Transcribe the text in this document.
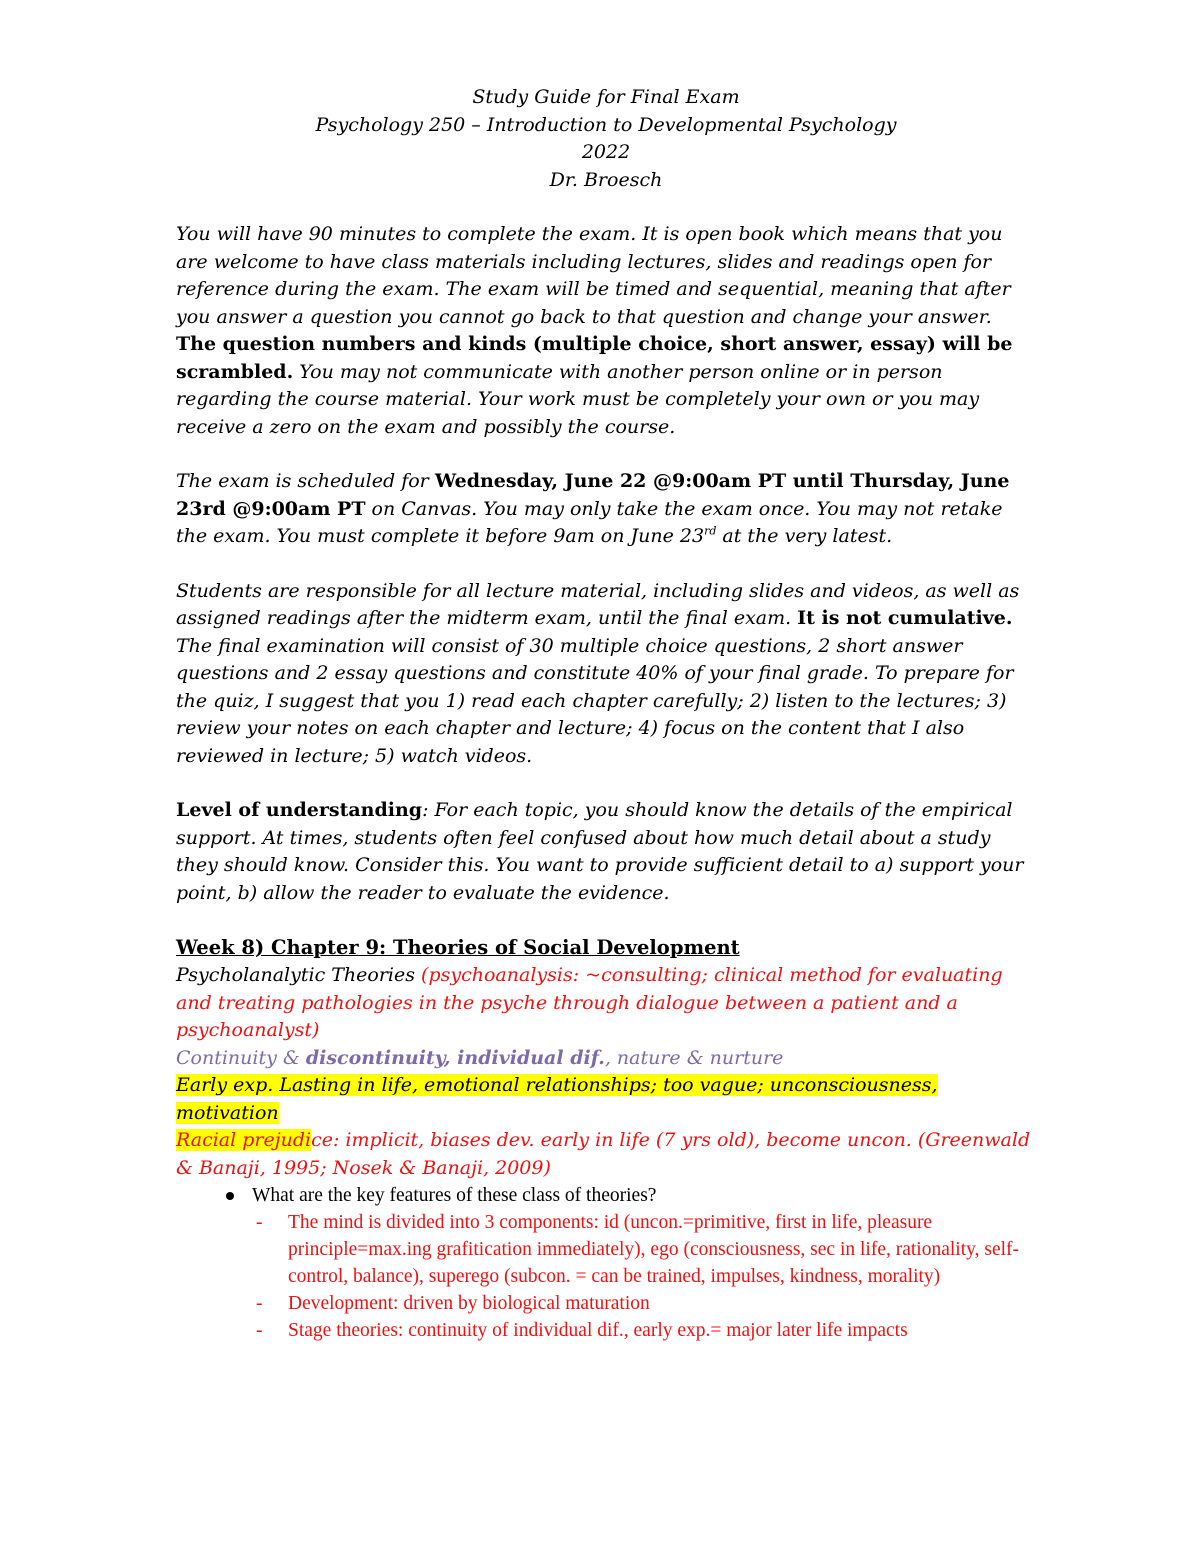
Study Guide for Final Exam
Psychology 250 – Introduction to Developmental Psychology
2022
Dr. Broesch

You will have 90 minutes to complete the exam. It is open book which means that you are welcome to have class materials including lectures, slides and readings open for reference during the exam. The exam will be timed and sequential, meaning that after you answer a question you cannot go back to that question and change your answer. The question numbers and kinds (multiple choice, short answer, essay) will be scrambled. You may not communicate with another person online or in person regarding the course material. Your work must be completely your own or you may receive a zero on the exam and possibly the course.

The exam is scheduled for Wednesday, June 22 @9:00am PT until Thursday, June 23rd @9:00am PT on Canvas. You may only take the exam once. You may not retake the exam. You must complete it before 9am on June 23rd at the very latest.

Students are responsible for all lecture material, including slides and videos, as well as assigned readings after the midterm exam, until the final exam. It is not cumulative. The final examination will consist of 30 multiple choice questions, 2 short answer questions and 2 essay questions and constitute 40% of your final grade. To prepare for the quiz, I suggest that you 1) read each chapter carefully; 2) listen to the lectures; 3) review your notes on each chapter and lecture; 4) focus on the content that I also reviewed in lecture; 5) watch videos.

Level of understanding: For each topic, you should know the details of the empirical support. At times, students often feel confused about how much detail about a study they should know. Consider this. You want to provide sufficient detail to a) support your point, b) allow the reader to evaluate the evidence.

Week 8) Chapter 9: Theories of Social Development

Psycholanalytic Theories (psychoanalysis: ~consulting; clinical method for evaluating and treating pathologies in the psyche through dialogue between a patient and a psychoanalyst)

Continuity & discontinuity, individual dif., nature & nurture

Early exp. Lasting in life, emotional relationships; too vague; unconsciousness, motivation

Racial prejudice: implicit, biases dev. early in life (7 yrs old), become uncon. (Greenwald & Banaji, 1995; Nosek & Banaji, 2009)

What are the key features of these class of theories?
- The mind is divided into 3 components: id (uncon.=primitive, first in life, pleasure principle=max.ing grafitication immediately), ego (consciousness, sec in life, rationality, self-control, balance), superego (subcon. = can be trained, impulses, kindness, morality)
- Development: driven by biological maturation
- Stage theories: continuity of individual dif., early exp.= major later life impacts
